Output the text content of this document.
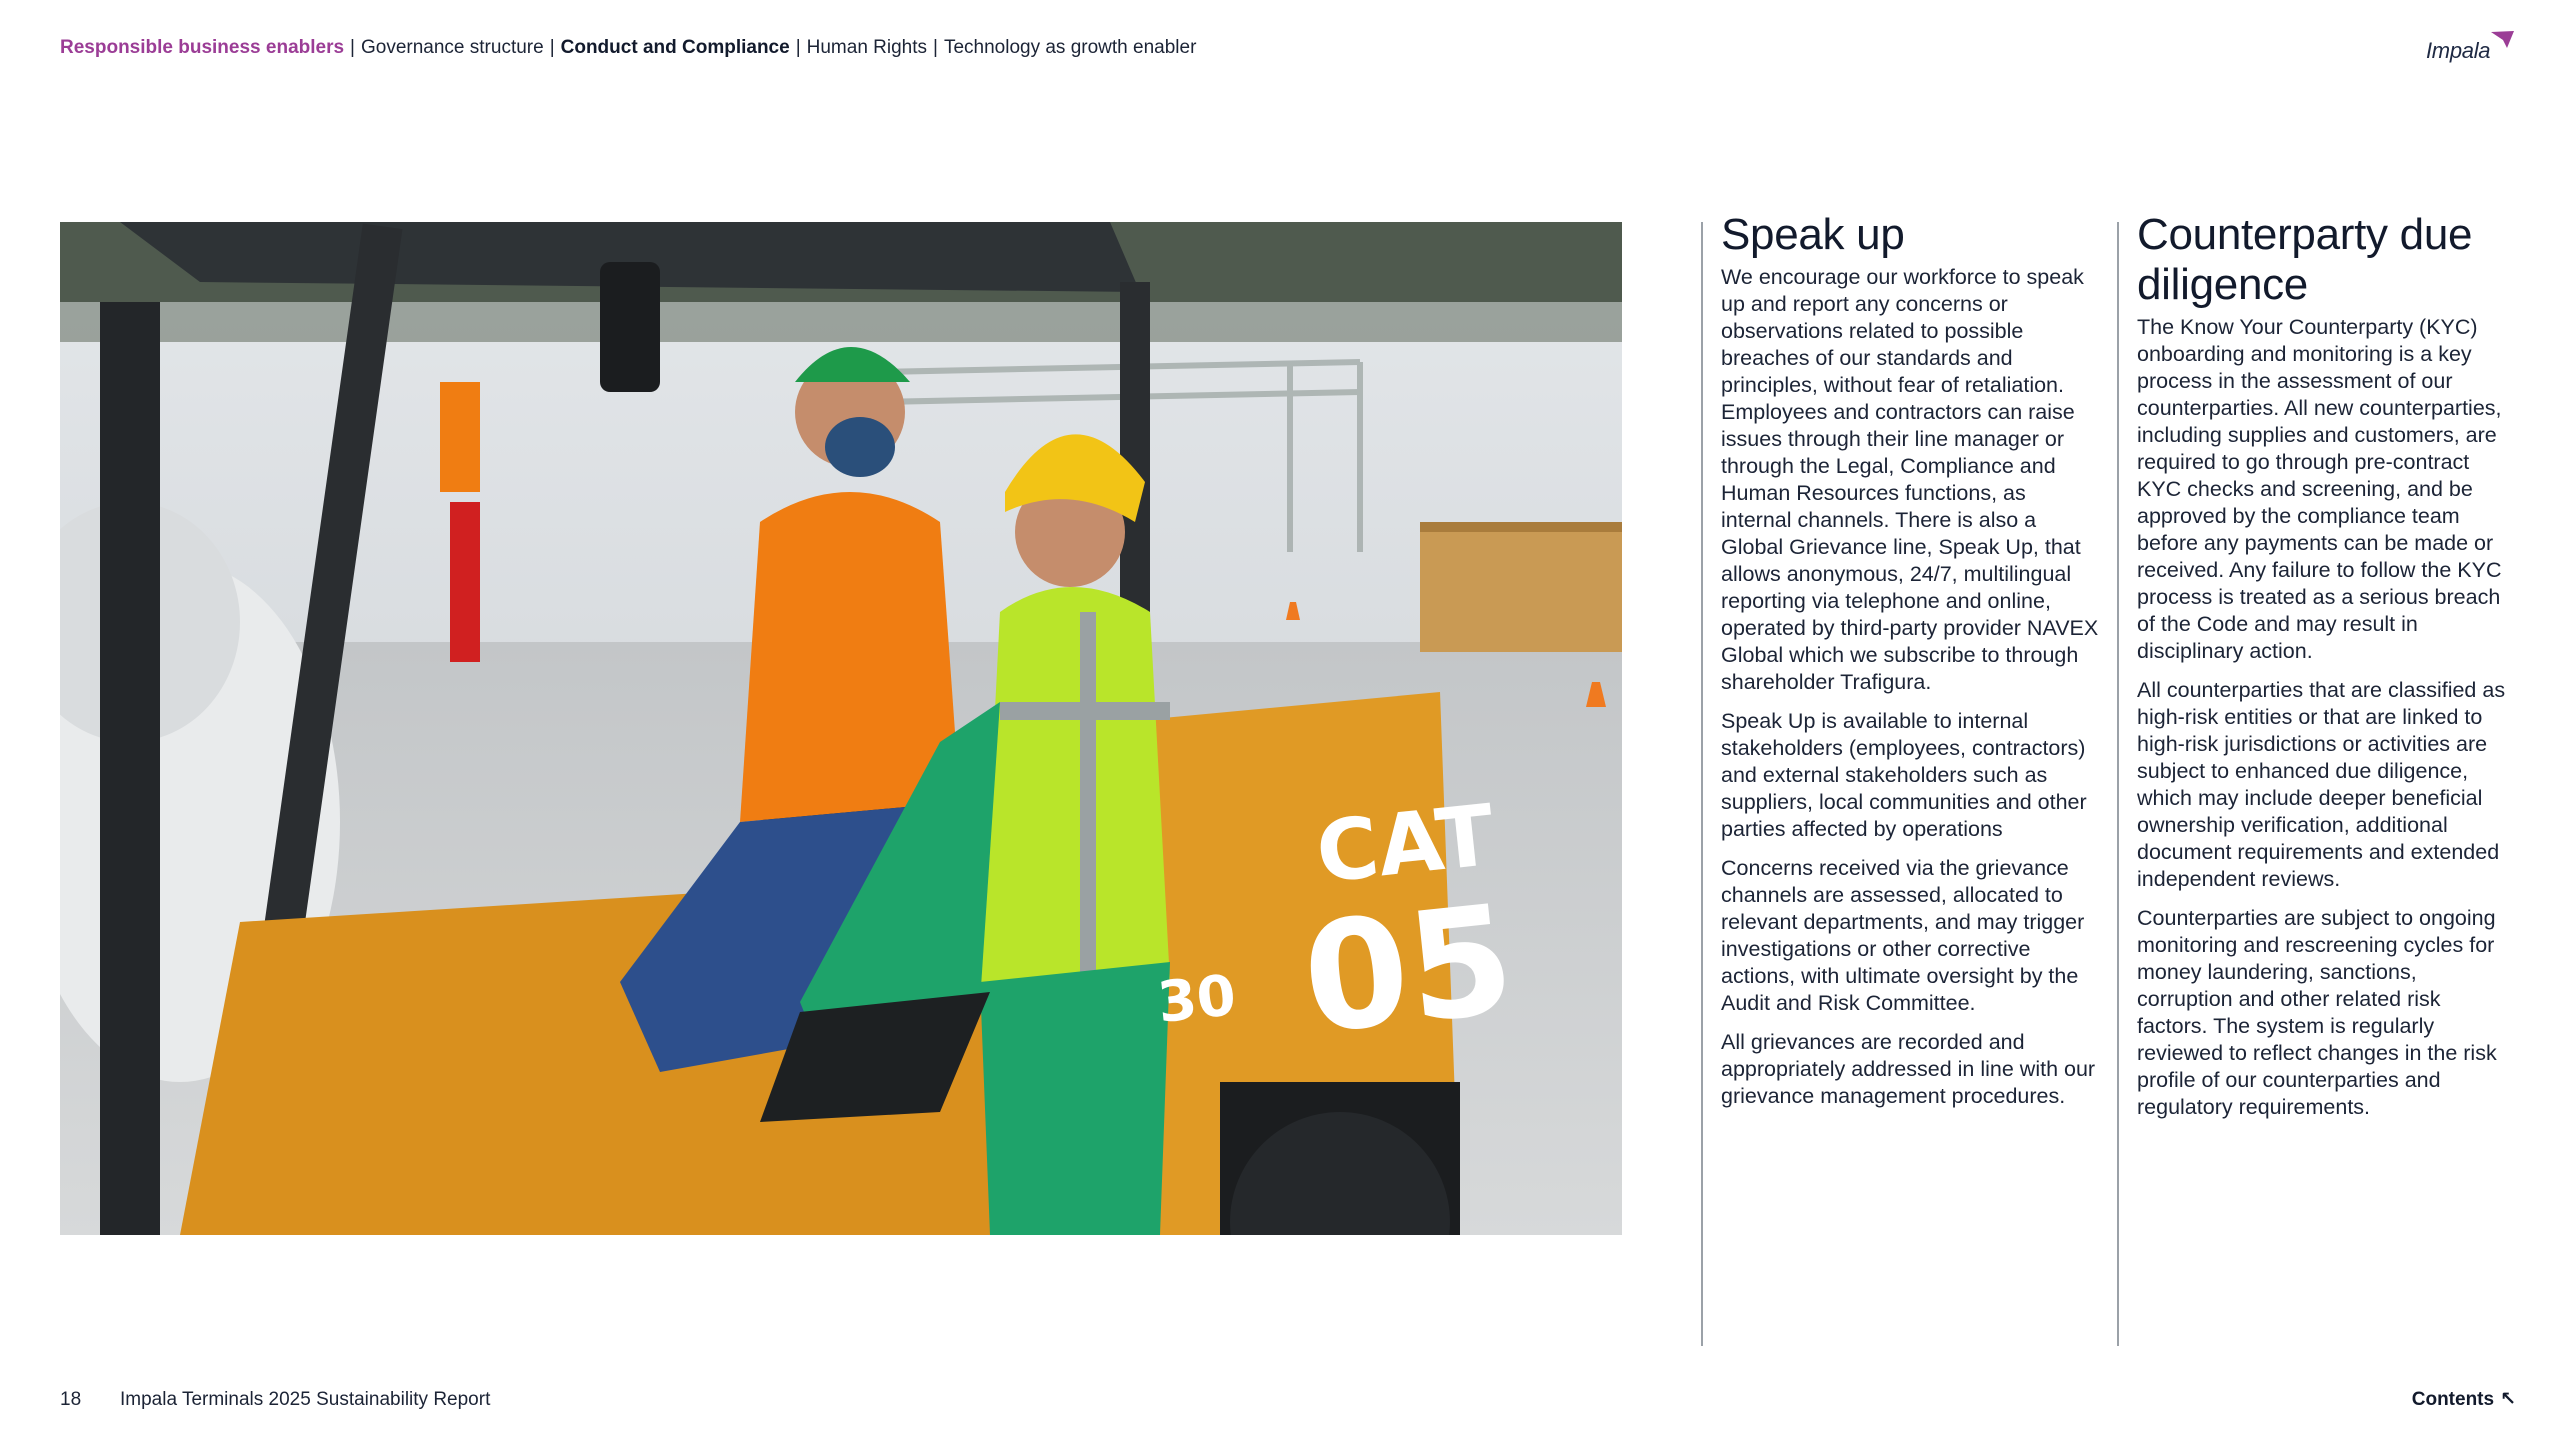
Responsible business enablers | Governance structure | Conduct and Compliance | Human Rights | Technology as growth enabler	Impala
CAT
05
30
Speak up

We encourage our workforce to speak up and report any concerns or observations related to possible breaches of our standards and principles, without fear of retaliation. Employees and contractors can raise issues through their line manager or through the Legal, Compliance and Human Resources functions, as internal channels. There is also a Global Grievance line, Speak Up, that allows anonymous, 24/7, multilingual reporting via telephone and online, operated by third-party provider NAVEX Global which we subscribe to through shareholder Trafigura.

Speak Up is available to internal stakeholders (employees, contractors) and external stakeholders such as suppliers, local communities and other parties affected by operations

Concerns received via the grievance channels are assessed, allocated to relevant departments, and may trigger investigations or other corrective actions, with ultimate oversight by the Audit and Risk Committee.

All grievances are recorded and appropriately addressed in line with our grievance management procedures.

Counterparty due diligence

The Know Your Counterparty (KYC) onboarding and monitoring is a key process in the assessment of our counterparties. All new counterparties, including supplies and customers, are required to go through pre-contract KYC checks and screening, and be approved by the compliance team before any payments can be made or received. Any failure to follow the KYC process is treated as a serious breach of the Code and may result in disciplinary action.

All counterparties that are classified as high-risk entities or that are linked to high-risk jurisdictions or activities are subject to enhanced due diligence, which may include deeper beneficial ownership verification, additional document requirements and extended independent reviews.

Counterparties are subject to ongoing monitoring and rescreening cycles for money laundering, sanctions, corruption and other related risk factors. The system is regularly reviewed to reflect changes in the risk profile of our counterparties and regulatory requirements.

18 Impala Terminals 2025 Sustainability Report	Contents ↖
